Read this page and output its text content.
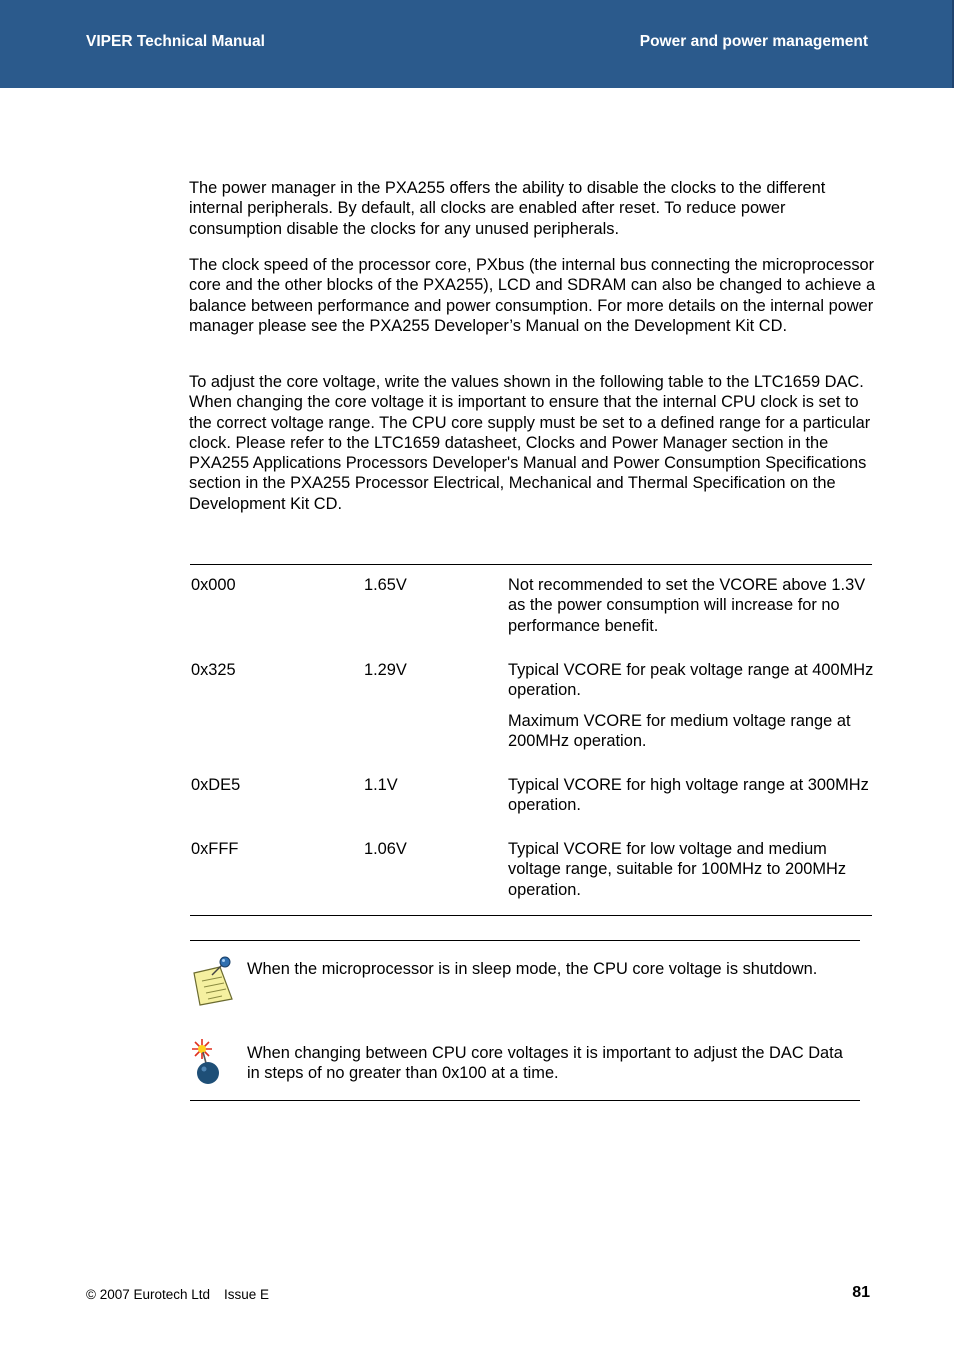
VIPER Technical Manual	Power and power management

The power manager in the PXA255 offers the ability to disable the clocks to the different internal peripherals. By default, all clocks are enabled after reset. To reduce power consumption disable the clocks for any unused peripherals.

The clock speed of the processor core, PXbus (the internal bus connecting the microprocessor core and the other blocks of the PXA255), LCD and SDRAM can also be changed to achieve a balance between performance and power consumption. For more details on the internal power manager please see the PXA255 Developer’s Manual on the Development Kit CD.

To adjust the core voltage, write the values shown in the following table to the LTC1659 DAC. When changing the core voltage it is important to ensure that the internal CPU clock is set to the correct voltage range. The CPU core supply must be set to a defined range for a particular clock. Please refer to the LTC1659 datasheet, Clocks and Power Manager section in the PXA255 Applications Processors Developer's Manual and Power Consumption Specifications section in the PXA255 Processor Electrical, Mechanical and Thermal Specification on the Development Kit CD.

0x000	1.65V	Not recommended to set the VCORE above 1.3V as the power consumption will increase for no performance benefit.

0x325	1.29V	Typical VCORE for peak voltage range at 400MHz operation.

Maximum VCORE for medium voltage range at 200MHz operation.

0xDE5	1.1V	Typical VCORE for high voltage range at 300MHz operation.

0xFFF	1.06V	Typical VCORE for low voltage and medium voltage range, suitable for 100MHz to 200MHz operation.

When the microprocessor is in sleep mode, the CPU core voltage is shutdown.
When changing between CPU core voltages it is important to adjust the DAC Data in steps of no greater than 0x100 at a time.
© 2007 Eurotech Ltd Issue E	81
